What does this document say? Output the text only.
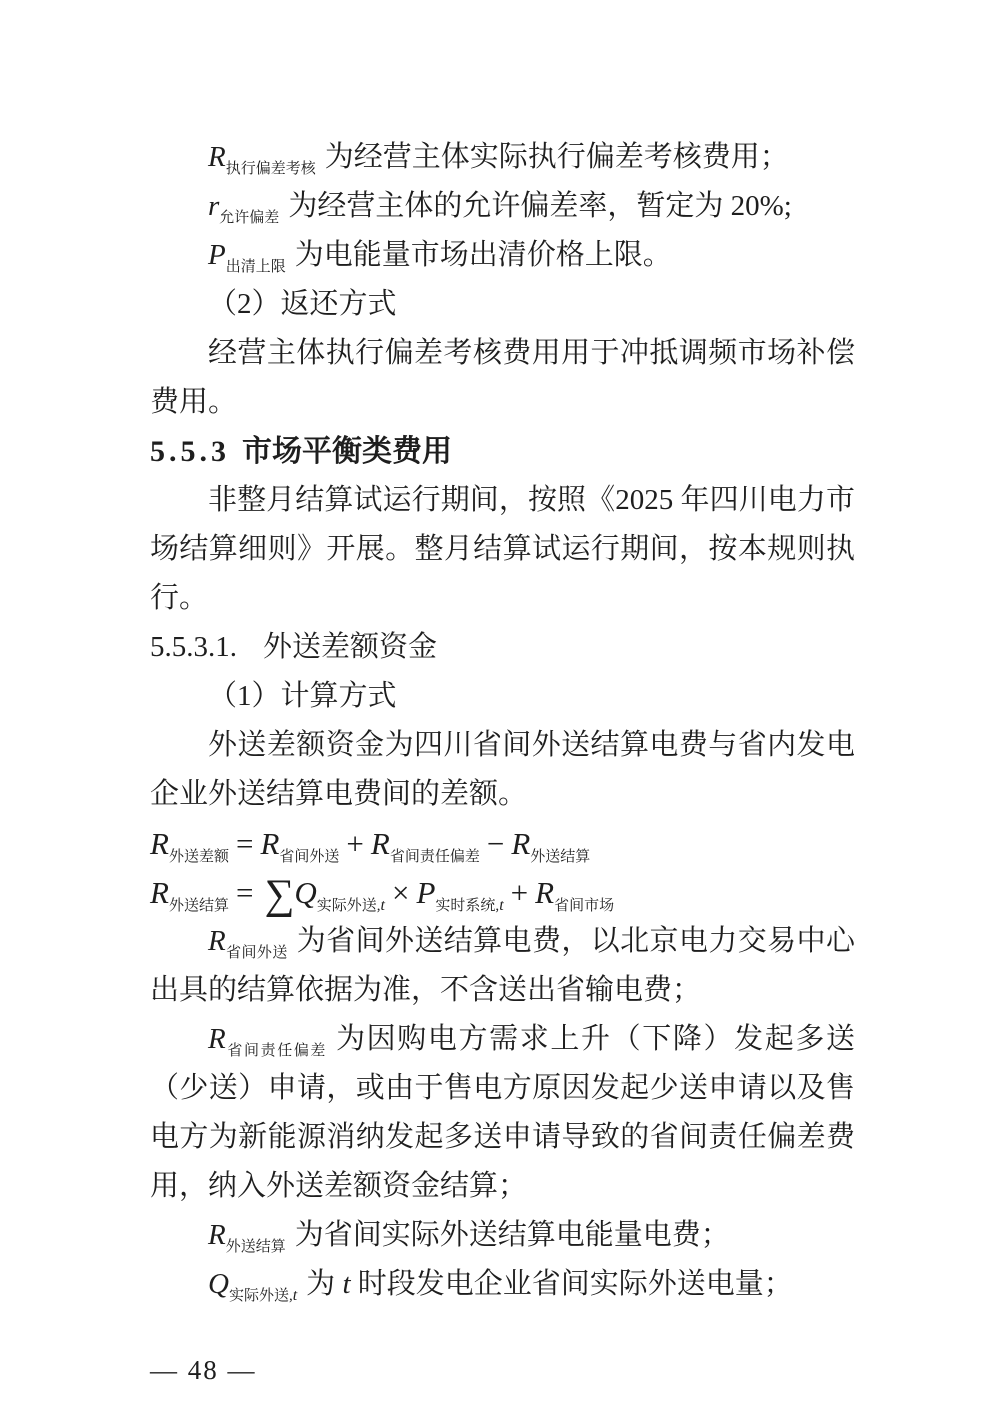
$R_{执行偏差考核}$ 为经营主体实际执行偏差考核费用；

$r_{允许偏差}$ 为经营主体的允许偏差率，暂定为 20%;

$P_{出清上限}$ 为电能量市场出清价格上限。

（2）返还方式

经营主体执行偏差考核费用用于冲抵调频市场补偿费用。

5.5.3 市场平衡类费用

非整月结算试运行期间，按照《2025 年四川电力市场结算细则》开展。整月结算试运行期间，按本规则执行。

5.5.3.1. 外送差额资金

（1）计算方式

外送差额资金为四川省间外送结算电费与省内发电企业外送结算电费间的差额。

$R_{外送差额} = R_{省间外送} + R_{省间责任偏差} - R_{外送结算}$

$R_{外送结算} = \sum Q_{实际外送,t} \times P_{实时系统,t} + R_{省间市场}$

$R_{省间外送}$ 为省间外送结算电费，以北京电力交易中心出具的结算依据为准，不含送出省输电费；

$R_{省间责任偏差}$ 为因购电方需求上升（下降）发起多送（少送）申请，或由于售电方原因发起少送申请以及售电方为新能源消纳发起多送申请导致的省间责任偏差费用，纳入外送差额资金结算；

$R_{外送结算}$ 为省间实际外送结算电能量电费；

$Q_{实际外送,t}$ 为 t 时段发电企业省间实际外送电量；

— 48 —
